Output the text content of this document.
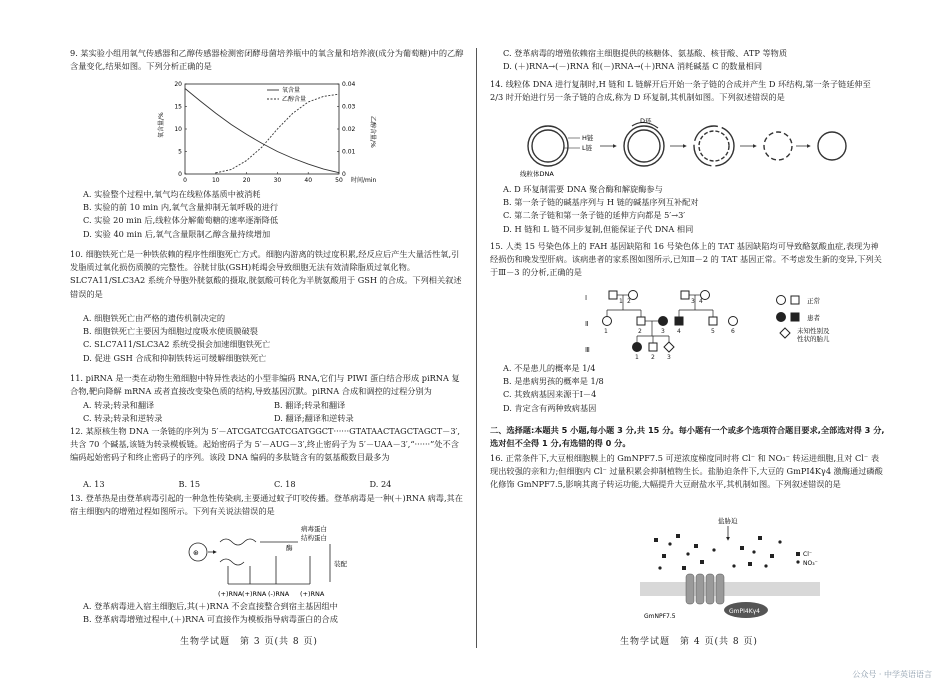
9. 某实验小组用氧气传感器和乙醇传感器检测密闭酵母菌培养瓶中的氧含量和培养液(成分为葡萄糖)中的乙醇含量变化,结果如图。下列分析正确的是
0	10	20	30	40	50 时间/min
0
5
10
15
20
0
0.01
0.02
0.03
0.04
氧含量/%	乙醇含量/%
氧含量
乙醇含量
A. 实验整个过程中,氧气均在线粒体基质中被消耗
B. 实验的前 10 min 内,氧气含量抑制无氧呼吸的进行
C. 实验 20 min 后,线粒体分解葡萄糖的速率逐渐降低
D. 实验 40 min 后,氧气含量限制乙醇含量持续增加
10. 细胞铁死亡是一种铁依赖的程序性细胞死亡方式。细胞内游离的铁过度积累,经反应后产生大量活性氧,引发脂质过氧化损伤质膜的完整性。谷胱甘肽(GSH)耗竭会导致细胞无法有效清除脂质过氧化物。SLC7A11/SLC3A2 系统介导胞外胱氨酸的摄取,胱氨酸可转化为半胱氨酸用于 GSH 的合成。下列相关叙述错误的是
A. 细胞铁死亡由严格的遗传机制决定的
B. 细胞铁死亡主要因为细胞过度吸水使质膜破裂
C. SLC7A11/SLC3A2 系统受损会加速细胞铁死亡
D. 促进 GSH 合成和抑制铁转运可缓解细胞铁死亡
11. piRNA 是一类在动物生殖细胞中特异性表达的小型非编码 RNA,它们与 PIWI 蛋白结合形成 piRNA 复合物,靶向降解 mRNA 或者直接改变染色质的结构,导致基因沉默。piRNA 合成和调控的过程分别为
A. 转录;转录和翻译	B. 翻译;转录和翻译
C. 转录;转录和逆转录	D. 翻译;翻译和逆转录
12. 某原核生物 DNA 一条链的序列为 5′－ATCGATCGATCGATGGCT······GTATAACTAGCTAGCT－3′,共含 70 个碱基,该链为转录模板链。起始密码子为 5′－AUG－3′,终止密码子为 5′－UAA－3′,“······”处不含编码起始密码子和终止密码子的序列。该段 DNA 编码的多肽链含有的氨基酸数目最多为
A. 13	B. 15	C. 18	D. 24
13. 登革热是由登革病毒引起的一种急性传染病,主要通过蚊子叮咬传播。登革病毒是一种(＋)RNA 病毒,其在宿主细胞内的增殖过程如图所示。下列有关说法错误的是
⊛
病毒蛋白
结构蛋白
酶
装配
(+)RNA (+)RNA (-)RNA (+)RNA
A. 登革病毒进入宿主细胞后,其(＋)RNA 不会直接整合到宿主基因组中
B. 登革病毒增殖过程中,(＋)RNA 可直接作为模板指导病毒蛋白的合成
生物学试题　第 3 页(共 8 页)
C. 登革病毒的增殖依赖宿主细胞提供的核糖体、氨基酸、核苷酸、ATP 等物质
D. (＋)RNA→(－)RNA 和(－)RNA→(＋)RNA 消耗碱基 C 的数量相同
14. 线粒体 DNA 进行复制时,H 链和 L 链解开后开始一条子链的合成并产生 D 环结构,第一条子链延伸至 2/3 时开始进行另一条子链的合成,称为 D 环复制,其机制如图。下列叙述错误的是
H链
L链
线粒体DNA
D环
A. D 环复制需要 DNA 聚合酶和解旋酶参与
B. 第一条子链的碱基序列与 H 链的碱基序列互补配对
C. 第二条子链和第一条子链的延伸方向都是 5′→3′
D. H 链和 L 链不同步复制,但能保证子代 DNA 相同
15. 人类 15 号染色体上的 FAH 基因缺陷和 16 号染色体上的 TAT 基因缺陷均可导致酪氨酸血症,表现为神经损伤和晚发型肝病。该病患者的家系图如图所示,已知Ⅱ－2 的 TAT 基因正常。不考虑发生新的变异,下列关于Ⅲ－3 的分析,正确的是
Ⅰ
Ⅱ
Ⅲ
1 2	3 4
1	2	3 4	5	6
1 2 3
正常
患者
未知性别及
性状的胎儿
A. 不是患儿的概率是 1/4
B. 是患病男孩的概率是 1/8
C. 其致病基因来源于Ⅰ－4
D. 肯定含有两种致病基因
二、选择题:本题共 5 小题,每小题 3 分,共 15 分。每小题有一个或多个选项符合题目要求,全部选对得 3 分,选对但不全得 1 分,有选错的得 0 分。
16. 正常条件下,大豆根细胞膜上的 GmNPF7.5 可逆浓度梯度同时将 Cl⁻ 和 NO₃⁻ 转运进细胞,且对 Cl⁻ 表现出较强的亲和力;但细胞内 Cl⁻ 过量积累会抑制植物生长。盐胁迫条件下,大豆的 GmPI4Kγ4 激酶通过磷酸化修饰 GmNPF7.5,影响其离子转运功能,大幅提升大豆耐盐水平,其机制如图。下列叙述错误的是
盐胁迫
Cl⁻
NO₃⁻
GmPI4Kγ4
GmNPF7.5
生物学试题　第 4 页(共 8 页)
公众号 · 中学英语语言
